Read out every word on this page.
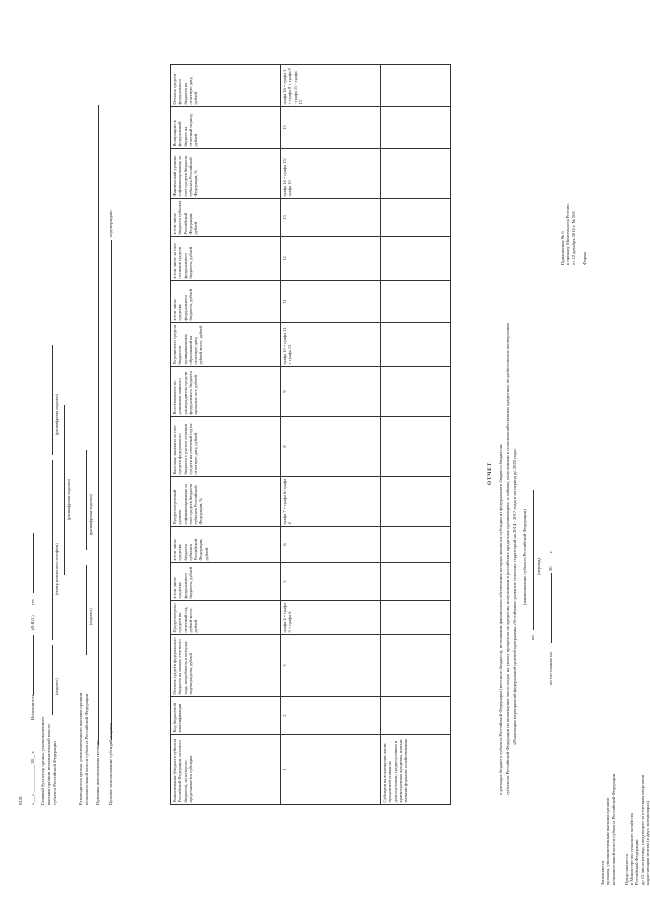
Заполняется органом, уполномоченным высшим органом исполнительной власти субъекта Российской Федерации Представляется в Министерство сельского хозяйства Российской Федерации до 15 числа месяца, следующего за отчетным кварталом нарастающим итогом (в двух экземплярах)
Приложение № 6 к приказу Минсельхоза России от 22 декабря 2016 г. № 581 Форма
ОТЧЕТ о расходах бюджета субъекта Российской Федерации (местного бюджета), источником финансового обеспечения которых являются субсидии из федерального бюджета бюджетам субъектов Российской Федерации на возмещение части затрат на уплату процентов по кредитам, полученным в российских кредитных организациях, и займам, полученным в сельскохозяйственных кредитных потребительских кооперативах «Реализация мероприятий федеральной целевой программы «Устойчивое развитие сельских территорий на 2014 - 2017 годы и на период до 2020 года» (наименование субъекта Российской Федерации)
по
(период)
по состоянию на
20
г.
Наименование (бюджета субъекта Российской Федерации, местного бюджета), по которого представляется субсидия	Код бюджетной классификации	Остаток средств федерального бюджета на начало отчетного года, потребность в которых подтверждена, рублей	Предусмотрено средств на отчетный год, рублей всего, рублей	в том числе средства федерального бюджета, рублей	в том числе средства бюджета субъекта Российской Федерации, рублей	Предусмотренный уровень софинансирования за счет средств бюджета субъекта Российской Федерации, %	Кассовые выплаты за счет средств федерального бюджета с учетом остатков средств на отчетный год на отчетную дату, рублей	Восстановлено по решениям главного распорядителя средств федерального бюджета прошлых лет, рублей	Перечислено средств бюджетов муниципальных образований на отчетную дату, рублей всего, рублей	в том числе средства федерального бюджета, рублей	в том числе за счет остатков средств федерального бюджета, рублей	в том числе бюджета субъекта Российской Федерации, рублей	Фактический уровень софинансирования за счет средств бюджета субъекта Российской Федерации, %	Возвращено в федеральный бюджет на отчетный период, рублей	Остаток средств федерального бюджета на отчетную дату, рублей
1	2	3	графа 4 = графа 5 + графа 6	5	6	графа 7 = графа 6/ графа 4	8	9	графа 10 = графа 11 + графа 13	11	12	13	графа 14 = графа 13/ графа 10	15	графа 16 = графа 3 + графа 8 + графа 9 - графа 11 - графа 15
Субсидии на возмещение части процентной ставки по долгосрочным, среднесрочным и краткосрочным кредитам, взятым малыми формами хозяйствования															
Целевое использование субсидий в сумме
подтверждаю.
Причины неисполнения потоков:
Руководитель органа, уполномоченного высшим органом исполнительной власти субъекта Российской Федерации
(подпись)
(расшифровка подписи)
(расшифровка подписи)
Главный бухгалтер органа, уполномоченного высшим органом исполнительной власти субъекта Российской Федерации
(подпись)
(номер контактного телефона)
(расшифровка подписи)
«___» ____________ 20__ г.
Исполнитель
(Ф.И.О.)
тел.
М.П.
